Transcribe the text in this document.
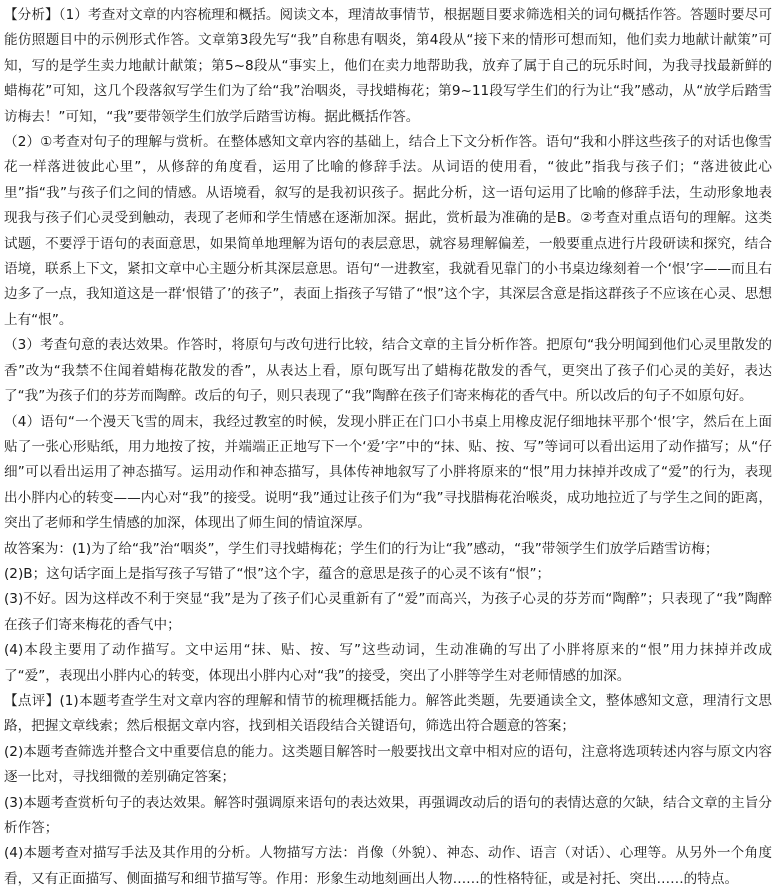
【分析】（1）考查对文章的内容梳理和概括。阅读文本，理清故事情节，根据题目要求筛选相关的词句概括作答。答题时要尽可能仿照题目中的示例形式作答。文章第3段先写“我”自称患有咽炎，第4段从“接下来的情形可想而知，他们卖力地献计献策”可知，写的是学生卖力地献计献策；第5~8段从“事实上，他们在卖力地帮助我，放弃了属于自己的玩乐时间，为我寻找最新鲜的蜡梅花”可知，这几个段落叙写学生们为了给“我”治咽炎，寻找蜡梅花；第9~11段写学生们的行为让“我”感动，从“放学后踏雪访梅去！”可知，“我”要带领学生们放学后踏雪访梅。据此概括作答。

（2）①考查对句子的理解与赏析。在整体感知文章内容的基础上，结合上下文分析作答。语句“我和小胖这些孩子的对话也像雪花一样落进彼此心里”，从修辞的角度看，运用了比喻的修辞手法。从词语的使用看，“彼此”指我与孩子们；“落进彼此心里”指“我”与孩子们之间的情感。从语境看，叙写的是我初识孩子。据此分析，这一语句运用了比喻的修辞手法，生动形象地表现我与孩子们心灵受到触动，表现了老师和学生情感在逐渐加深。据此，赏析最为准确的是B。②考查对重点语句的理解。这类试题，不要浮于语句的表面意思，如果简单地理解为语句的表层意思，就容易理解偏差，一般要重点进行片段研读和探究，结合语境，联系上下文，紧扣文章中心主题分析其深层意思。语句“一进教室，我就看见靠门的小书桌边缘刻着一个‘恨’字——而且右边多了一点，我知道这是一群‘恨错了’的孩子”，表面上指孩子写错了“恨”这个字，其深层含意是指这群孩子不应该在心灵、思想上有“恨”。

（3）考查句意的表达效果。作答时，将原句与改句进行比较，结合文章的主旨分析作答。把原句“我分明闻到他们心灵里散发的香”改为“我禁不住闻着蜡梅花散发的香”，从表达上看，原句既写出了蜡梅花散发的香气，更突出了孩子们心灵的美好，表达了“我”为孩子们的芬芳而陶醉。改后的句子，则只表现了“我”陶醉在孩子们寄来梅花的香气中。所以改后的句子不如原句好。

（4）语句“一个漫天飞雪的周末，我经过教室的时候，发现小胖正在门口小书桌上用橡皮泥仔细地抹平那个‘恨’字，然后在上面贴了一张心形贴纸，用力地按了按，并端端正正地写下一个‘爱’字”中的“抹、贴、按、写”等词可以看出运用了动作描写；从“仔细”可以看出运用了神态描写。运用动作和神态描写，具体传神地叙写了小胖将原来的“恨”用力抹掉并改成了“爱”的行为，表现出小胖内心的转变——内心对“我”的接受。说明“我”通过让孩子们为“我”寻找腊梅花治喉炎，成功地拉近了与学生之间的距离，突出了老师和学生情感的加深，体现出了师生间的情谊深厚。

故答案为：(1)为了给“我”治“咽炎”，学生们寻找蜡梅花；学生们的行为让“我”感动，“我”带领学生们放学后踏雪访梅；

(2)B；这句话字面上是指写孩子写错了“恨”这个字，蕴含的意思是孩子的心灵不该有“恨”；

(3)不好。因为这样改不利于突显“我”是为了孩子们心灵重新有了“爱”而高兴，为孩子心灵的芬芳而“陶醉”；只表现了“我”陶醉在孩子们寄来梅花的香气中；

(4)本段主要用了动作描写。文中运用“抹、贴、按、写”这些动词，生动准确的写出了小胖将原来的“恨”用力抹掉并改成了“爱”，表现出小胖内心的转变，体现出小胖内心对“我”的接受，突出了小胖等学生对老师情感的加深。

【点评】(1)本题考查学生对文章内容的理解和情节的梳理概括能力。解答此类题，先要通读全文，整体感知文意，理清行文思路，把握文章线索；然后根据文章内容，找到相关语段结合关键语句，筛选出符合题意的答案；

(2)本题考查筛选并整合文中重要信息的能力。这类题目解答时一般要找出文章中相对应的语句，注意将选项转述内容与原文内容逐一比对，寻找细微的差别确定答案；

(3)本题考查赏析句子的表达效果。解答时强调原来语句的表达效果，再强调改动后的语句的表情达意的欠缺，结合文章的主旨分析作答；

(4)本题考查对描写手法及其作用的分析。人物描写方法：肖像（外貌）、神态、动作、语言（对话）、心理等。从另外一个角度看，又有正面描写、侧面描写和细节描写等。作用：形象生动地刻画出人物……的性格特征，或是衬托、突出……的特点。
